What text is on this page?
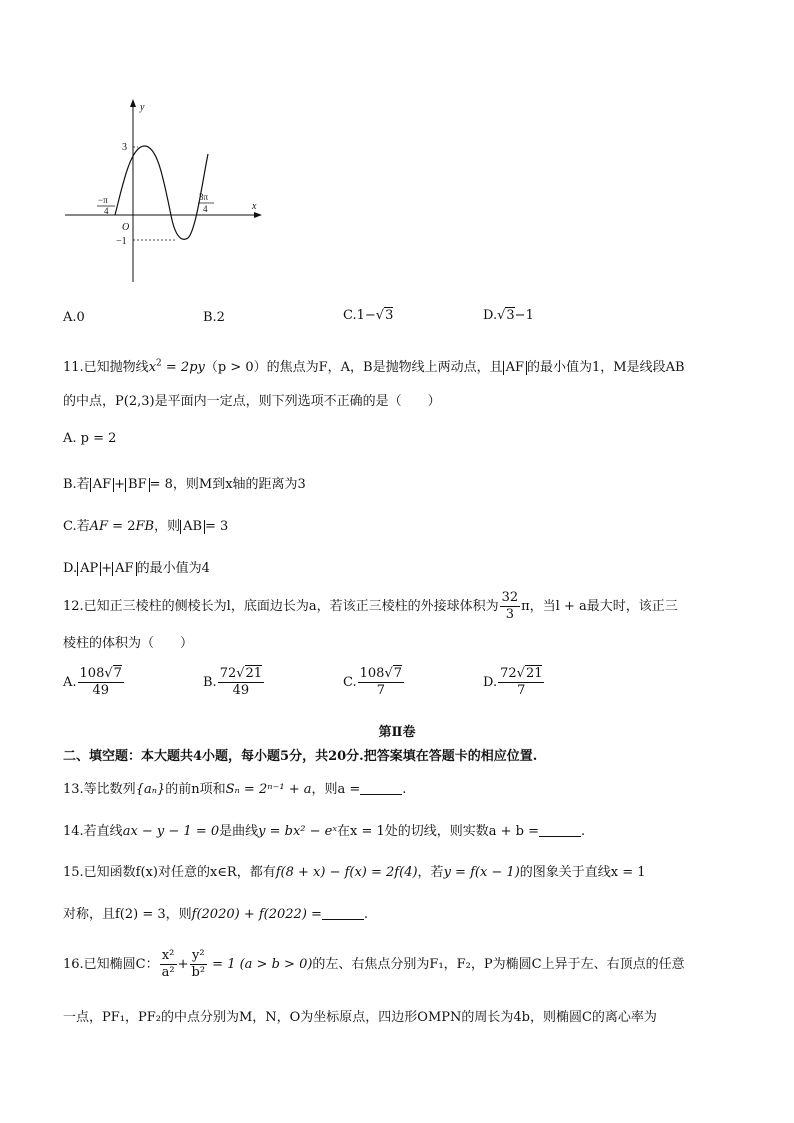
y
x
O
3
−1
−π
4
3π
4
A.0	B.2	C.1−√3	D.√3−1
11.已知抛物线$x^2 = 2py(p > 0)$的焦点为F，A，B是抛物线上两动点，且 AF 的最小值为1，M是线段AB
的中点，P(2,3)是平面内一定点，则下列选项不正确的是（　　）
A. p = 2
B.若 AF + BF = 8，则M到x轴的距离为3
C.若AF = 2FB，则 AB = 3
D. AP + AF 的最小值为4
12.已知正三棱柱的侧棱长为l，底面边长为a，若该正三棱柱的外接球体积为 $\frac{32}{3}$ π，当l + a最大时，该正三
棱柱的体积为（　　）
A. $\frac{108√7}{49}$	B. $\frac{72√21}{49}$	C. $\frac{108√7}{7}$	D. $\frac{72√21}{7}$
第Ⅱ卷
二、填空题：本大题共4小题，每小题5分，共20分.把答案填在答题卡的相应位置.
13.等比数列{aₙ}的前n项和Sₙ = 2ⁿ⁻¹ + a，则a =	.
14.若直线ax − y − 1 = 0是曲线y = bx² − eˣ在x = 1处的切线，则实数a + b =	.
15.已知函数f(x)对任意的x∈R，都有f(8 + x) − f(x) = 2f(4)，若y = f(x − 1)的图象关于直线x = 1
对称，且f(2) = 3，则f(2020) + f(2022) =	.
16.已知椭圆C： $\frac{\text{x²}}{\text{a²}} + \frac{\text{y²}}{\text{b²}} = 1$ (a > b > 0)的左、右焦点分别为F₁，F₂，P为椭圆C上异于左、右顶点的任意
一点，PF₁，PF₂的中点分别为M，N，O为坐标原点，四边形OMPN的周长为4b，则椭圆C的离心率为
